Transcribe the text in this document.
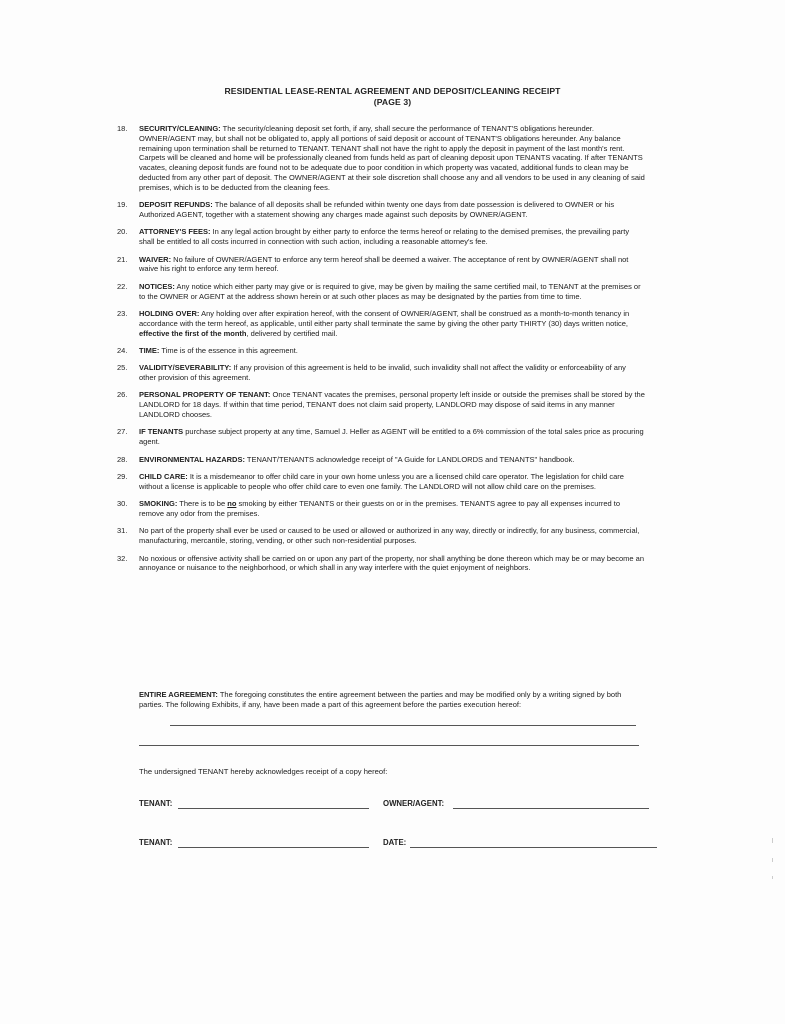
RESIDENTIAL LEASE-RENTAL AGREEMENT AND DEPOSIT/CLEANING RECEIPT
(PAGE 3)
18.	SECURITY/CLEANING: The security/cleaning deposit set forth, if any, shall secure the performance of TENANT'S obligations hereunder. OWNER/AGENT may, but shall not be obligated to, apply all portions of said deposit or account of TENANT'S obligations hereunder. Any balance remaining upon termination shall be returned to TENANT. TENANT shall not have the right to apply the deposit in payment of the last month's rent. Carpets will be cleaned and home will be professionally cleaned from funds held as part of cleaning deposit upon TENANTS vacating. If after TENANTS vacates, cleaning deposit funds are found not to be adequate due to poor condition in which property was vacated, additional funds to clean may be deducted from any other part of deposit. The OWNER/AGENT at their sole discretion shall choose any and all vendors to be used in any cleaning of said premises, which is to be deducted from the cleaning fees.
19.	DEPOSIT REFUNDS: The balance of all deposits shall be refunded within twenty one days from date possession is delivered to OWNER or his Authorized AGENT, together with a statement showing any charges made against such deposits by OWNER/AGENT.
20.	ATTORNEY'S FEES: In any legal action brought by either party to enforce the terms hereof or relating to the demised premises, the prevailing party shall be entitled to all costs incurred in connection with such action, including a reasonable attorney's fee.
21.	WAIVER: No failure of OWNER/AGENT to enforce any term hereof shall be deemed a waiver. The acceptance of rent by OWNER/AGENT shall not waive his right to enforce any term hereof.
22.	NOTICES: Any notice which either party may give or is required to give, may be given by mailing the same certified mail, to TENANT at the premises or to the OWNER or AGENT at the address shown herein or at such other places as may be designated by the parties from time to time.
23.	HOLDING OVER: Any holding over after expiration hereof, with the consent of OWNER/AGENT, shall be construed as a month-to-month tenancy in accordance with the term hereof, as applicable, until either party shall terminate the same by giving the other party THIRTY (30) days written notice, effective the first of the month, delivered by certified mail.
24.	TIME: Time is of the essence in this agreement.
25.	VALIDITY/SEVERABILITY: If any provision of this agreement is held to be invalid, such invalidity shall not affect the validity or enforceability of any other provision of this agreement.
26.	PERSONAL PROPERTY OF TENANT: Once TENANT vacates the premises, personal property left inside or outside the premises shall be stored by the LANDLORD for 18 days. If within that time period, TENANT does not claim said property, LANDLORD may dispose of said items in any manner LANDLORD chooses.
27.	IF TENANTS purchase subject property at any time, Samuel J. Heller as AGENT will be entitled to a 6% commission of the total sales price as procuring agent.
28.	ENVIRONMENTAL HAZARDS: TENANT/TENANTS acknowledge receipt of "A Guide for LANDLORDS and TENANTS" handbook.
29.	CHILD CARE: It is a misdemeanor to offer child care in your own home unless you are a licensed child care operator. The legislation for child care without a license is applicable to people who offer child care to even one family. The LANDLORD will not allow child care on the premises.
30.	SMOKING: There is to be no smoking by either TENANTS or their guests on or in the premises. TENANTS agree to pay all expenses incurred to remove any odor from the premises.
31.	No part of the property shall ever be used or caused to be used or allowed or authorized in any way, directly or indirectly, for any business, commercial, manufacturing, mercantile, storing, vending, or other such non-residential purposes.
32.	No noxious or offensive activity shall be carried on or upon any part of the property, nor shall anything be done thereon which may be or may become an annoyance or nuisance to the neighborhood, or which shall in any way interfere with the quiet enjoyment of neighbors.
ENTIRE AGREEMENT: The foregoing constitutes the entire agreement between the parties and may be modified only by a writing signed by both parties. The following Exhibits, if any, have been made a part of this agreement before the parties execution hereof:
The undersigned TENANT hereby acknowledges receipt of a copy hereof:
TENANT:	OWNER/AGENT:
TENANT:	DATE:
